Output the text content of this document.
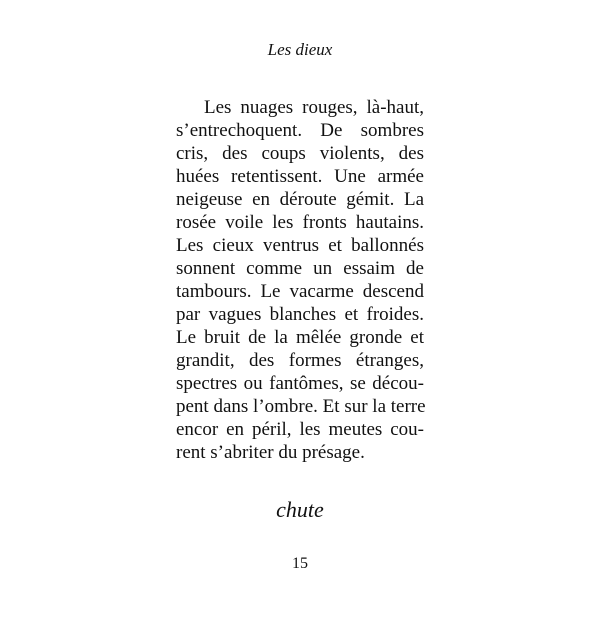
Les dieux
Les nuages rouges, là-haut,
s’entrechoquent. De sombres
cris, des coups violents, des
huées retentissent. Une armée
neigeuse en déroute gémit. La
rosée voile les fronts hautains.
Les cieux ventrus et ballonnés
sonnent comme un essaim de
tambours. Le vacarme descend
par vagues blanches et froides.
Le bruit de la mêlée gronde et
grandit, des formes étranges,
spectres ou fantômes, se décou-
pent dans l’ombre. Et sur la terre
encor en péril, les meutes cou-
rent s’abriter du présage.
chute
15
